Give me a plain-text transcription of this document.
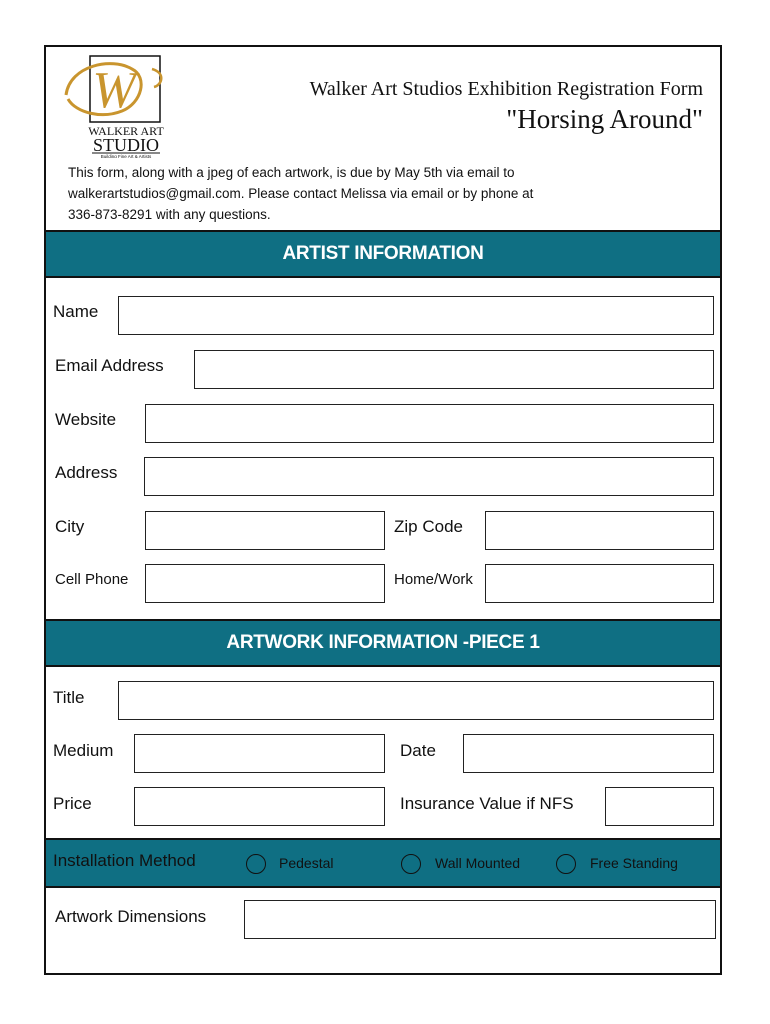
W
WALKER ART
STUDIO
Building Fine Art & Artists
Walker Art Studios Exhibition Registration Form
"Horsing Around"
This form, along with a jpeg of each artwork, is due by May 5th via email to
walkerartstudios@gmail.com. Please contact Melissa via email or by phone at
336-873-8291 with any questions.
ARTIST INFORMATION
Name
Email Address
Website
Address
City	Zip Code
Cell Phone	Home/Work
ARTWORK INFORMATION -PIECE 1
Title
Medium	Date
Price	Insurance Value if NFS
Installation Method	Pedestal	Wall Mounted	Free Standing
Artwork Dimensions
